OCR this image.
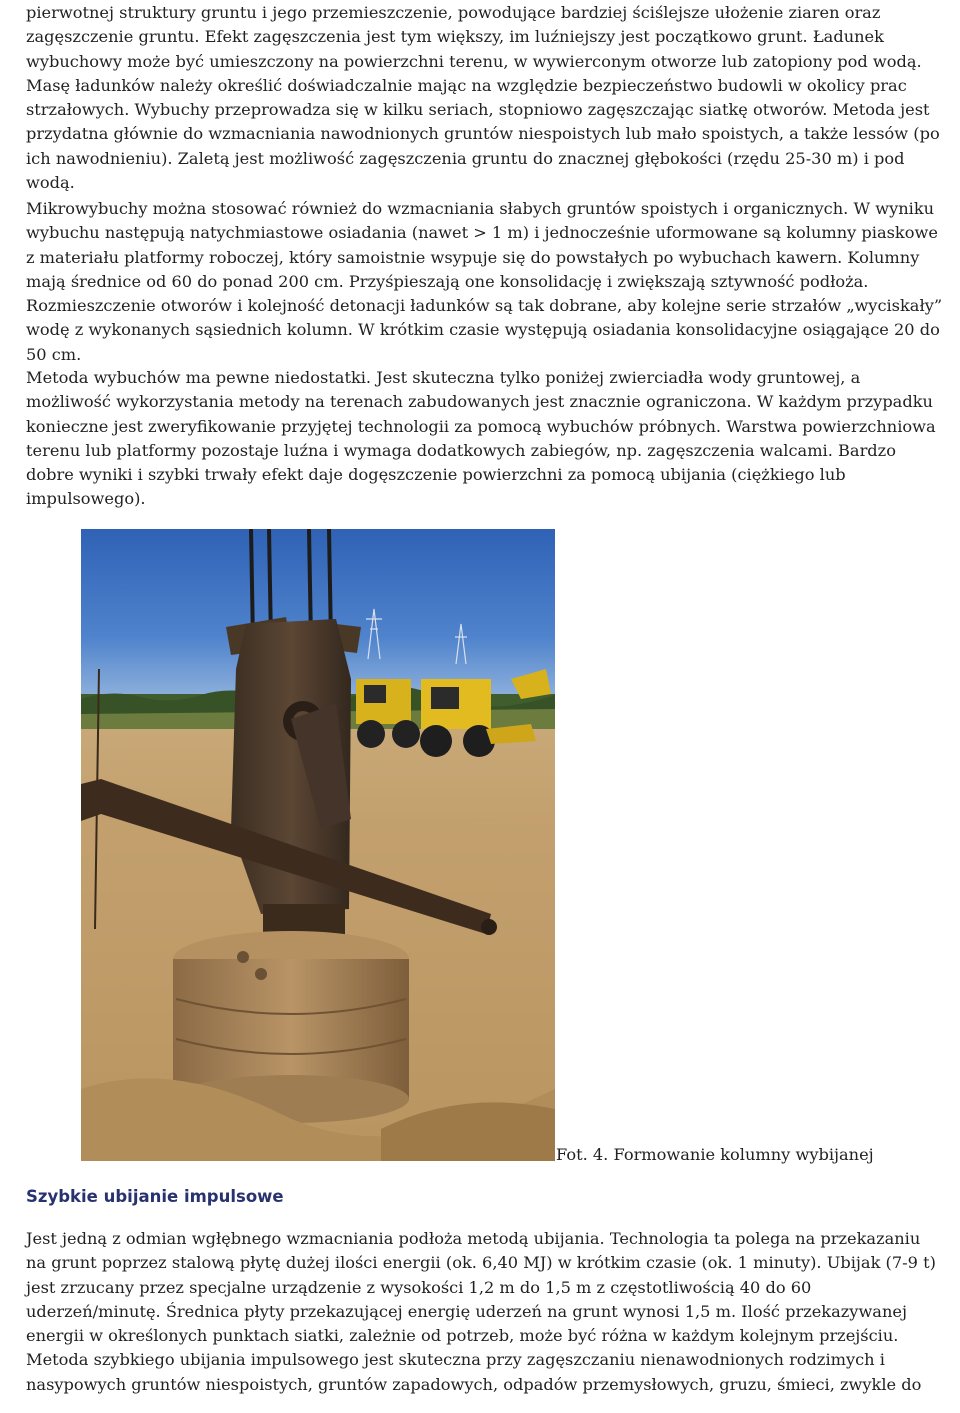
pierwotnej struktury gruntu i jego przemieszczenie, powodujące bardziej ściślejsze ułożenie ziaren oraz zagęszczenie gruntu. Efekt zagęszczenia jest tym większy, im luźniejszy jest początkowo grunt. Ładunek wybuchowy może być umieszczony na powierzchni terenu, w wywierconym otworze lub zatopiony pod wodą. Masę ładunków należy określić doświadczalnie mając na względzie bezpieczeństwo budowli w okolicy prac strzałowych. Wybuchy przeprowadza się w kilku seriach, stopniowo zagęszczając siatkę otworów. Metoda jest przydatna głównie do wzmacniania nawodnionych gruntów niespoistych lub mało spoistych, a także lessów (po ich nawodnieniu). Zaletą jest możliwość zagęszczenia gruntu do znacznej głębokości (rzędu 25-30 m) i pod wodą.

Mikrowybuchy można stosować również do wzmacniania słabych gruntów spoistych i organicznych. W wyniku wybuchu następują natychmiastowe osiadania (nawet > 1 m) i jednocześnie uformowane są kolumny piaskowe z materiału platformy roboczej, który samoistnie wsypuje się do powstałych po wybuchach kawern. Kolumny mają średnice od 60 do ponad 200 cm. Przyśpieszają one konsolidację i zwiększają sztywność podłoża. Rozmieszczenie otworów i kolejność detonacji ładunków są tak dobrane, aby kolejne serie strzałów „wyciskały” wodę z wykonanych sąsiednich kolumn. W krótkim czasie występują osiadania konsolidacyjne osiągające 20 do 50 cm.

Metoda wybuchów ma pewne niedostatki. Jest skuteczna tylko poniżej zwierciadła wody gruntowej, a możliwość wykorzystania metody na terenach zabudowanych jest znacznie ograniczona. W każdym przypadku konieczne jest zweryfikowanie przyjętej technologii za pomocą wybuchów próbnych. Warstwa powierzchniowa terenu lub platformy pozostaje luźna i wymaga dodatkowych zabiegów, np. zagęszczenia walcami. Bardzo dobre wyniki i szybki trwały efekt daje dogęszczenie powierzchni za pomocą ubijania (ciężkiego lub impulsowego).

Fot. 4. Formowanie kolumny wybijanej
Szybkie ubijanie impulsowe

Jest jedną z odmian wgłębnego wzmacniania podłoża metodą ubijania. Technologia ta polega na przekazaniu na grunt poprzez stalową płytę dużej ilości energii (ok. 6,40 MJ) w krótkim czasie (ok. 1 minuty). Ubijak (7-9 t) jest zrzucany przez specjalne urządzenie z wysokości 1,2 m do 1,5 m z częstotliwością 40 do 60 uderzeń/minutę. Średnica płyty przekazującej energię uderzeń na grunt wynosi 1,5 m. Ilość przekazywanej energii w określonych punktach siatki, zależnie od potrzeb, może być różna w każdym kolejnym przejściu. Metoda szybkiego ubijania impulsowego jest skuteczna przy zagęszczaniu nienawodnionych rodzimych i nasypowych gruntów niespoistych, gruntów zapadowych, odpadów przemysłowych, gruzu, śmieci, zwykle do
